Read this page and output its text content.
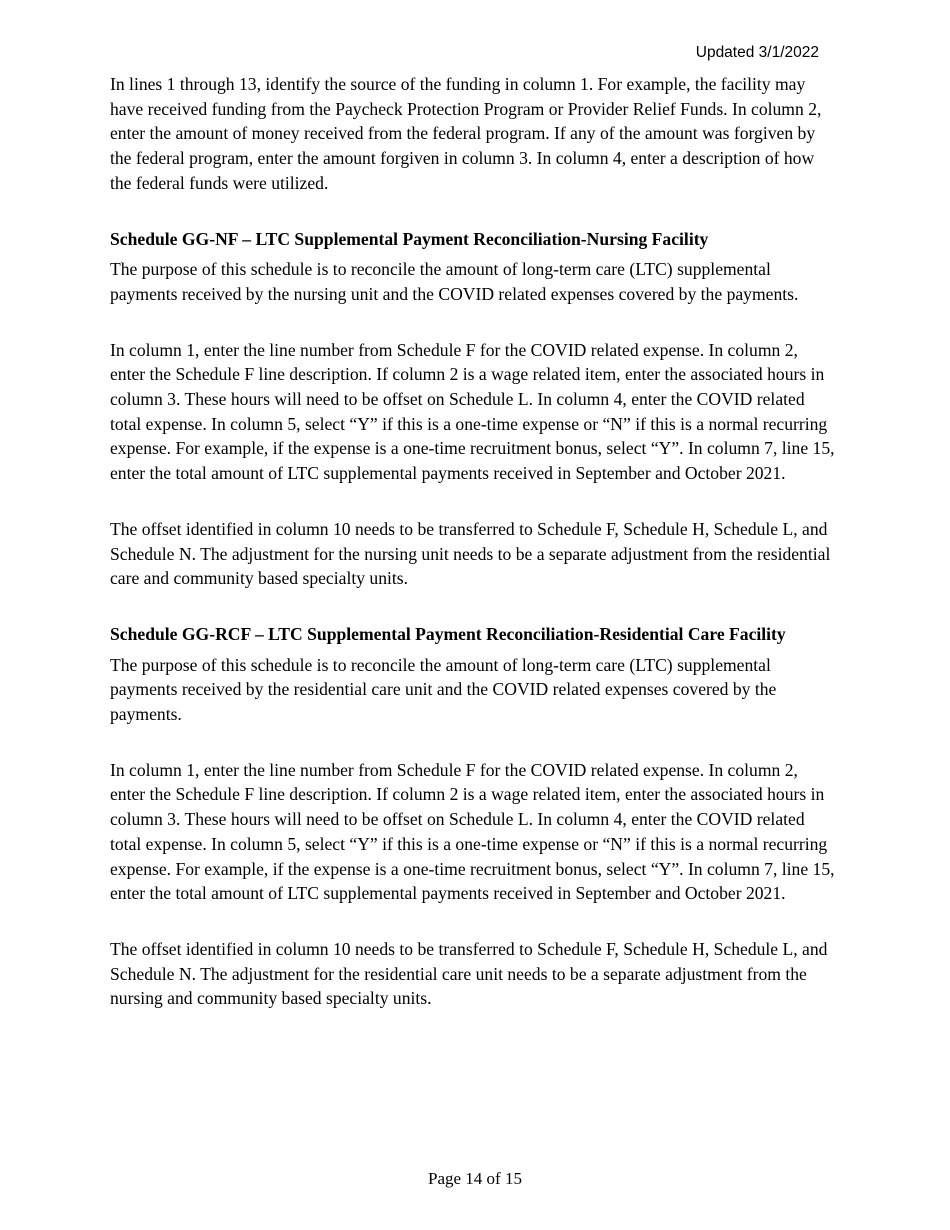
Updated 3/1/2022

In lines 1 through 13, identify the source of the funding in column 1. For example, the facility may have received funding from the Paycheck Protection Program or Provider Relief Funds. In column 2, enter the amount of money received from the federal program. If any of the amount was forgiven by the federal program, enter the amount forgiven in column 3. In column 4, enter a description of how the federal funds were utilized.

Schedule GG-NF – LTC Supplemental Payment Reconciliation-Nursing Facility

The purpose of this schedule is to reconcile the amount of long-term care (LTC) supplemental payments received by the nursing unit and the COVID related expenses covered by the payments.

In column 1, enter the line number from Schedule F for the COVID related expense. In column 2, enter the Schedule F line description. If column 2 is a wage related item, enter the associated hours in column 3. These hours will need to be offset on Schedule L. In column 4, enter the COVID related total expense. In column 5, select “Y” if this is a one-time expense or “N” if this is a normal recurring expense. For example, if the expense is a one-time recruitment bonus, select “Y”. In column 7, line 15, enter the total amount of LTC supplemental payments received in September and October 2021.

The offset identified in column 10 needs to be transferred to Schedule F, Schedule H, Schedule L, and Schedule N. The adjustment for the nursing unit needs to be a separate adjustment from the residential care and community based specialty units.

Schedule GG-RCF – LTC Supplemental Payment Reconciliation-Residential Care Facility

The purpose of this schedule is to reconcile the amount of long-term care (LTC) supplemental payments received by the residential care unit and the COVID related expenses covered by the payments.

In column 1, enter the line number from Schedule F for the COVID related expense. In column 2, enter the Schedule F line description. If column 2 is a wage related item, enter the associated hours in column 3. These hours will need to be offset on Schedule L. In column 4, enter the COVID related total expense. In column 5, select “Y” if this is a one-time expense or “N” if this is a normal recurring expense. For example, if the expense is a one-time recruitment bonus, select “Y”. In column 7, line 15, enter the total amount of LTC supplemental payments received in September and October 2021.

The offset identified in column 10 needs to be transferred to Schedule F, Schedule H, Schedule L, and Schedule N. The adjustment for the residential care unit needs to be a separate adjustment from the nursing and community based specialty units.

Page 14 of 15
